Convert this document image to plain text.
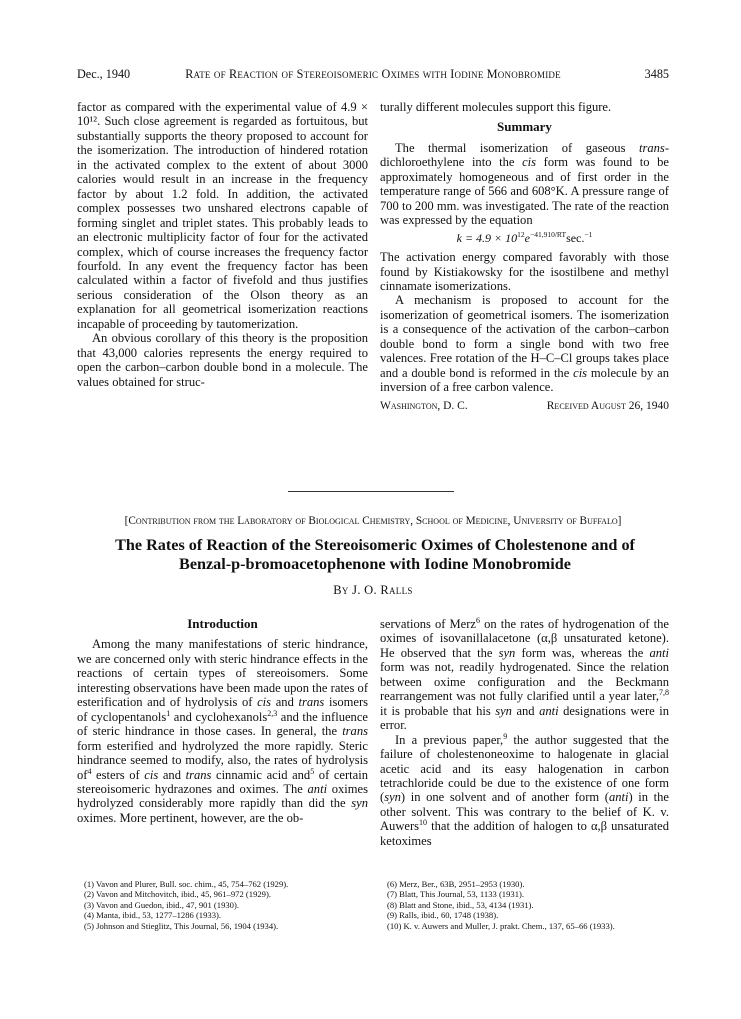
Dec., 1940	Rate of Reaction of Stereoisomeric Oximes with Iodine Monobromide	3485

factor as compared with the experimental value of 4.9 × 10¹². Such close agreement is regarded as fortuitous, but substantially supports the theory proposed to account for the isomerization. The introduction of hindered rotation in the activated complex to the extent of about 3000 calories would result in an increase in the frequency factor by about 1.2 fold. In addition, the activated complex possesses two unshared electrons capable of forming singlet and triplet states. This probably leads to an electronic multiplicity factor of four for the activated complex, which of course increases the frequency factor fourfold. In any event the frequency factor has been calculated within a factor of fivefold and thus justifies serious consideration of the Olson theory as an explanation for all geometrical isomerization reactions incapable of proceeding by tautomerization.

An obvious corollary of this theory is the proposition that 43,000 calories represents the energy required to open the carbon–carbon double bond in a molecule. The values obtained for struc-

turally different molecules support this figure.

Summary

The thermal isomerization of gaseous trans-dichloroethylene into the cis form was found to be approximately homogeneous and of first order in the temperature range of 566 and 608°K. A pressure range of 700 to 200 mm. was investigated. The rate of the reaction was expressed by the equation

$k = 4.9 \times 10^{12}e^{-41,910/RT}\sec.^{-1}$

The activation energy compared favorably with those found by Kistiakowsky for the isostilbene and methyl cinnamate isomerizations.

A mechanism is proposed to account for the isomerization of geometrical isomers. The isomerization is a consequence of the activation of the carbon–carbon double bond to form a single bond with two free valences. Free rotation of the H–C–Cl groups takes place and a double bond is reformed in the cis molecule by an inversion of a free carbon valence.

Washington, D. C.	Received August 26, 1940
[Contribution from the Laboratory of Biological Chemistry, School of Medicine, University of Buffalo]
The Rates of Reaction of the Stereoisomeric Oximes of Cholestenone and of
Benzal-p-bromoacetophenone with Iodine Monobromide
By J. O. Ralls
Introduction

Among the many manifestations of steric hindrance, we are concerned only with steric hindrance effects in the reactions of certain types of stereoisomers. Some interesting observations have been made upon the rates of esterification and of hydrolysis of cis and trans isomers of cyclopentanols$^1$ and cyclohexanols$^{2,3}$ and the influence of steric hindrance in those cases. In general, the trans form esterified and hydrolyzed the more rapidly. Steric hindrance seemed to modify, also, the rates of hydrolysis $of^4$ esters of cis and trans cinnamic acid and$^5$ of certain stereoisomeric hydrazones and oximes. The anti oximes hydrolyzed considerably more rapidly than did the syn oximes. More pertinent, however, are the ob-

servations of Merz$^6$ on the rates of hydrogenation of the oximes of isovanillalacetone (α,β unsaturated ketone). He observed that the syn form was, whereas the anti form was not, readily hydrogenated. Since the relation between oxime configuration and the Beckmann rearrangement was not fully clarified until a year later,$^{7,8}$ it is probable that his syn and anti designations were in error.

In a previous paper,$^9$ the author suggested that the failure of cholestenoneoxime to halogenate in glacial acetic acid and its easy halogenation in carbon tetrachloride could be due to the existence of one form (syn) in one solvent and of another form (anti) in the other solvent. This was contrary to the belief of K. v. Auwers$^{10}$ that the addition of halogen to α,β unsaturated ketoximes

(1) Vavon and Plurer, Bull. soc. chim., 45, 754–762 (1929).
(2) Vavon and Mitchovitch, ibid., 45, 961–972 (1929).
(3) Vavon and Guedon, ibid., 47, 901 (1930).
(4) Manta, ibid., 53, 1277–1286 (1933).
(5) Johnson and Stieglitz, This Journal, 56, 1904 (1934).
(6) Merz, Ber., 63B, 2951–2953 (1930).
(7) Blatt, This Journal, 53, 1133 (1931).
(8) Blatt and Stone, ibid., 53, 4134 (1931).
(9) Ralls, ibid., 60, 1748 (1938).
(10) K. v. Auwers and Muller, J. prakt. Chem., 137, 65–66 (1933).
